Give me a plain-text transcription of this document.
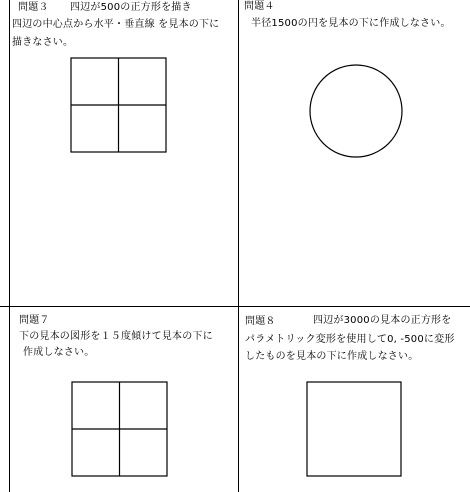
問題３ 四辺が500の正方形を描き
四辺の中心点から水平・垂直線 を見本の下に
描きなさい。
問題４
半径1500の円を見本の下に作成しなさい。
問題７
下の見本の図形を１５度傾けて見本の下に
作成しなさい。
問題８	四辺が3000の見本の正方形を
パラメトリック変形を使用して0, -500に変形
したものを見本の下に作成しなさい。
